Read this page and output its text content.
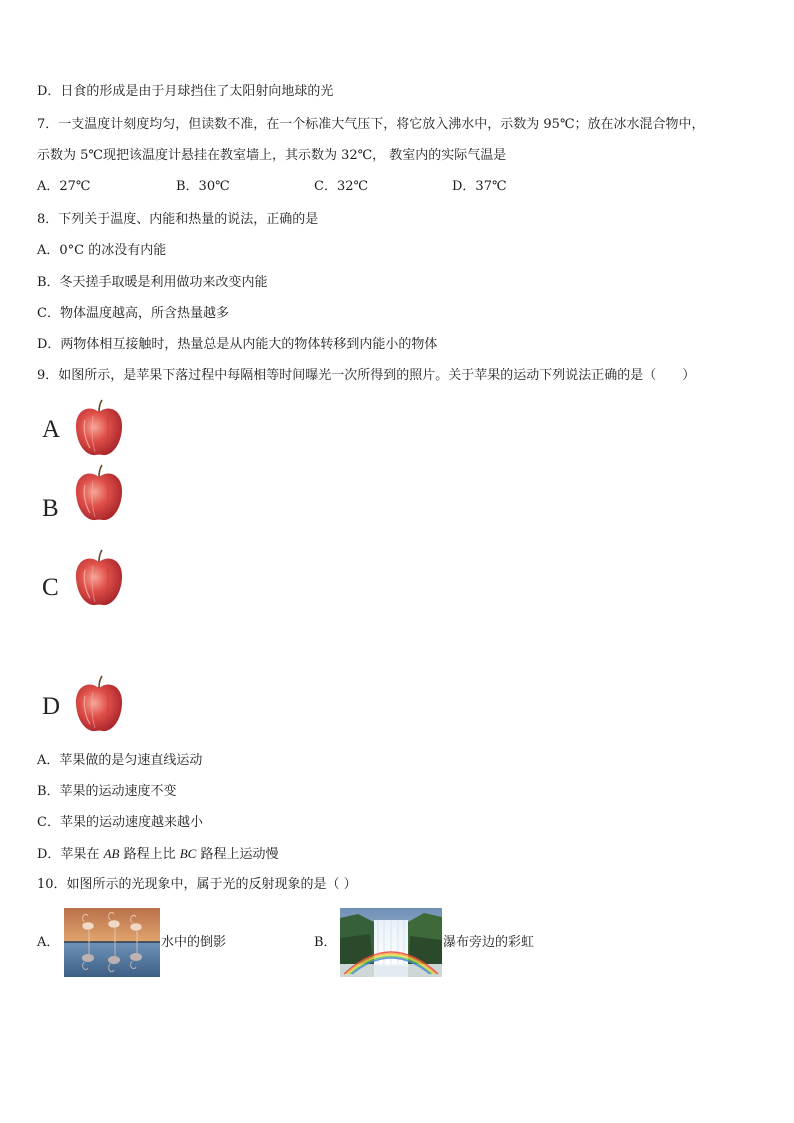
D．日食的形成是由于月球挡住了太阳射向地球的光
7．一支温度计刻度均匀，但读数不准，在一个标准大气压下，将它放入沸水中，示数为 95℃；放在冰水混合物中，
示数为 5℃现把该温度计悬挂在教室墙上，其示数为 32℃， 教室内的实际气温是
A．27℃	B．30℃	C．32℃	D．37℃
8．下列关于温度、内能和热量的说法，正确的是
A．0°C 的冰没有内能
B．冬天搓手取暖是利用做功来改变内能
C．物体温度越高，所含热量越多
D．两物体相互接触时，热量总是从内能大的物体转移到内能小的物体
9．如图所示，是苹果下落过程中每隔相等时间曝光一次所得到的照片。关于苹果的运动下列说法正确的是（　　）
A
B
C
D
A．苹果做的是匀速直线运动
B．苹果的运动速度不变
C．苹果的运动速度越来越小
D．苹果在 AB 路程上比 BC 路程上运动慢
10．如图所示的光现象中，属于光的反射现象的是（ ）
A．	水中的倒影	B．	瀑布旁边的彩虹
